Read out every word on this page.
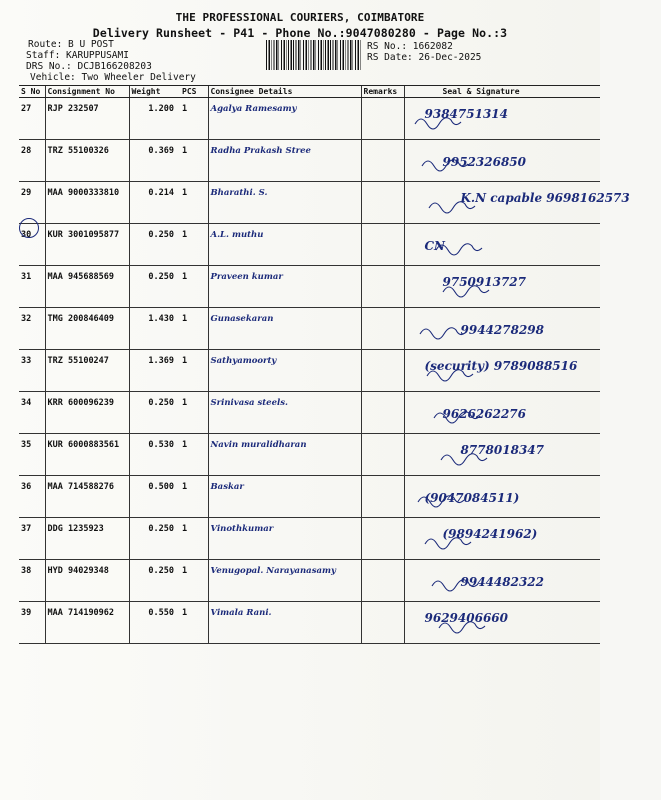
THE PROFESSIONAL COURIERS, COIMBATORE
Delivery Runsheet - P41 - Phone No.:9047080280 - Page No.:3
Route: B U POST
Staff: KARUPPUSAMI
DRS No.: DCJB166208203
Vehicle: Two Wheeler Delivery
RS No.: 1662082
RS Date: 26-Dec-2025
S No	Consignment No	Weight	PCS	Consignee Details	Remarks	Seal & Signature
27	RJP 232507	1.200	1	Agalya Ramesamy		9384751314

28	TRZ 55100326	0.369	1	Radha Prakash Stree		9952326850

29	MAA 9000333810	0.214	1	Bharathi. S.		K.N capable 9698162573

30	KUR 3001095877	0.250	1	A.L. muthu		CN

31	MAA 945688569	0.250	1	Praveen kumar		9750913727

32	TMG 200846409	1.430	1	Gunasekaran		9944278298

33	TRZ 55100247	1.369	1	Sathyamoorty		(security) 9789088516

34	KRR 600096239	0.250	1	Srinivasa steels.		9626262276

35	KUR 6000883561	0.530	1	Navin muralidharan		8778018347

36	MAA 714588276	0.500	1	Baskar		(9047084511)

37	DDG 1235923	0.250	1	Vinothkumar		(9894241962)

38	HYD 94029348	0.250	1	Venugopal. Narayanasamy		9944482322

39	MAA 714190962	0.550	1	Vimala Rani.		9629406660
